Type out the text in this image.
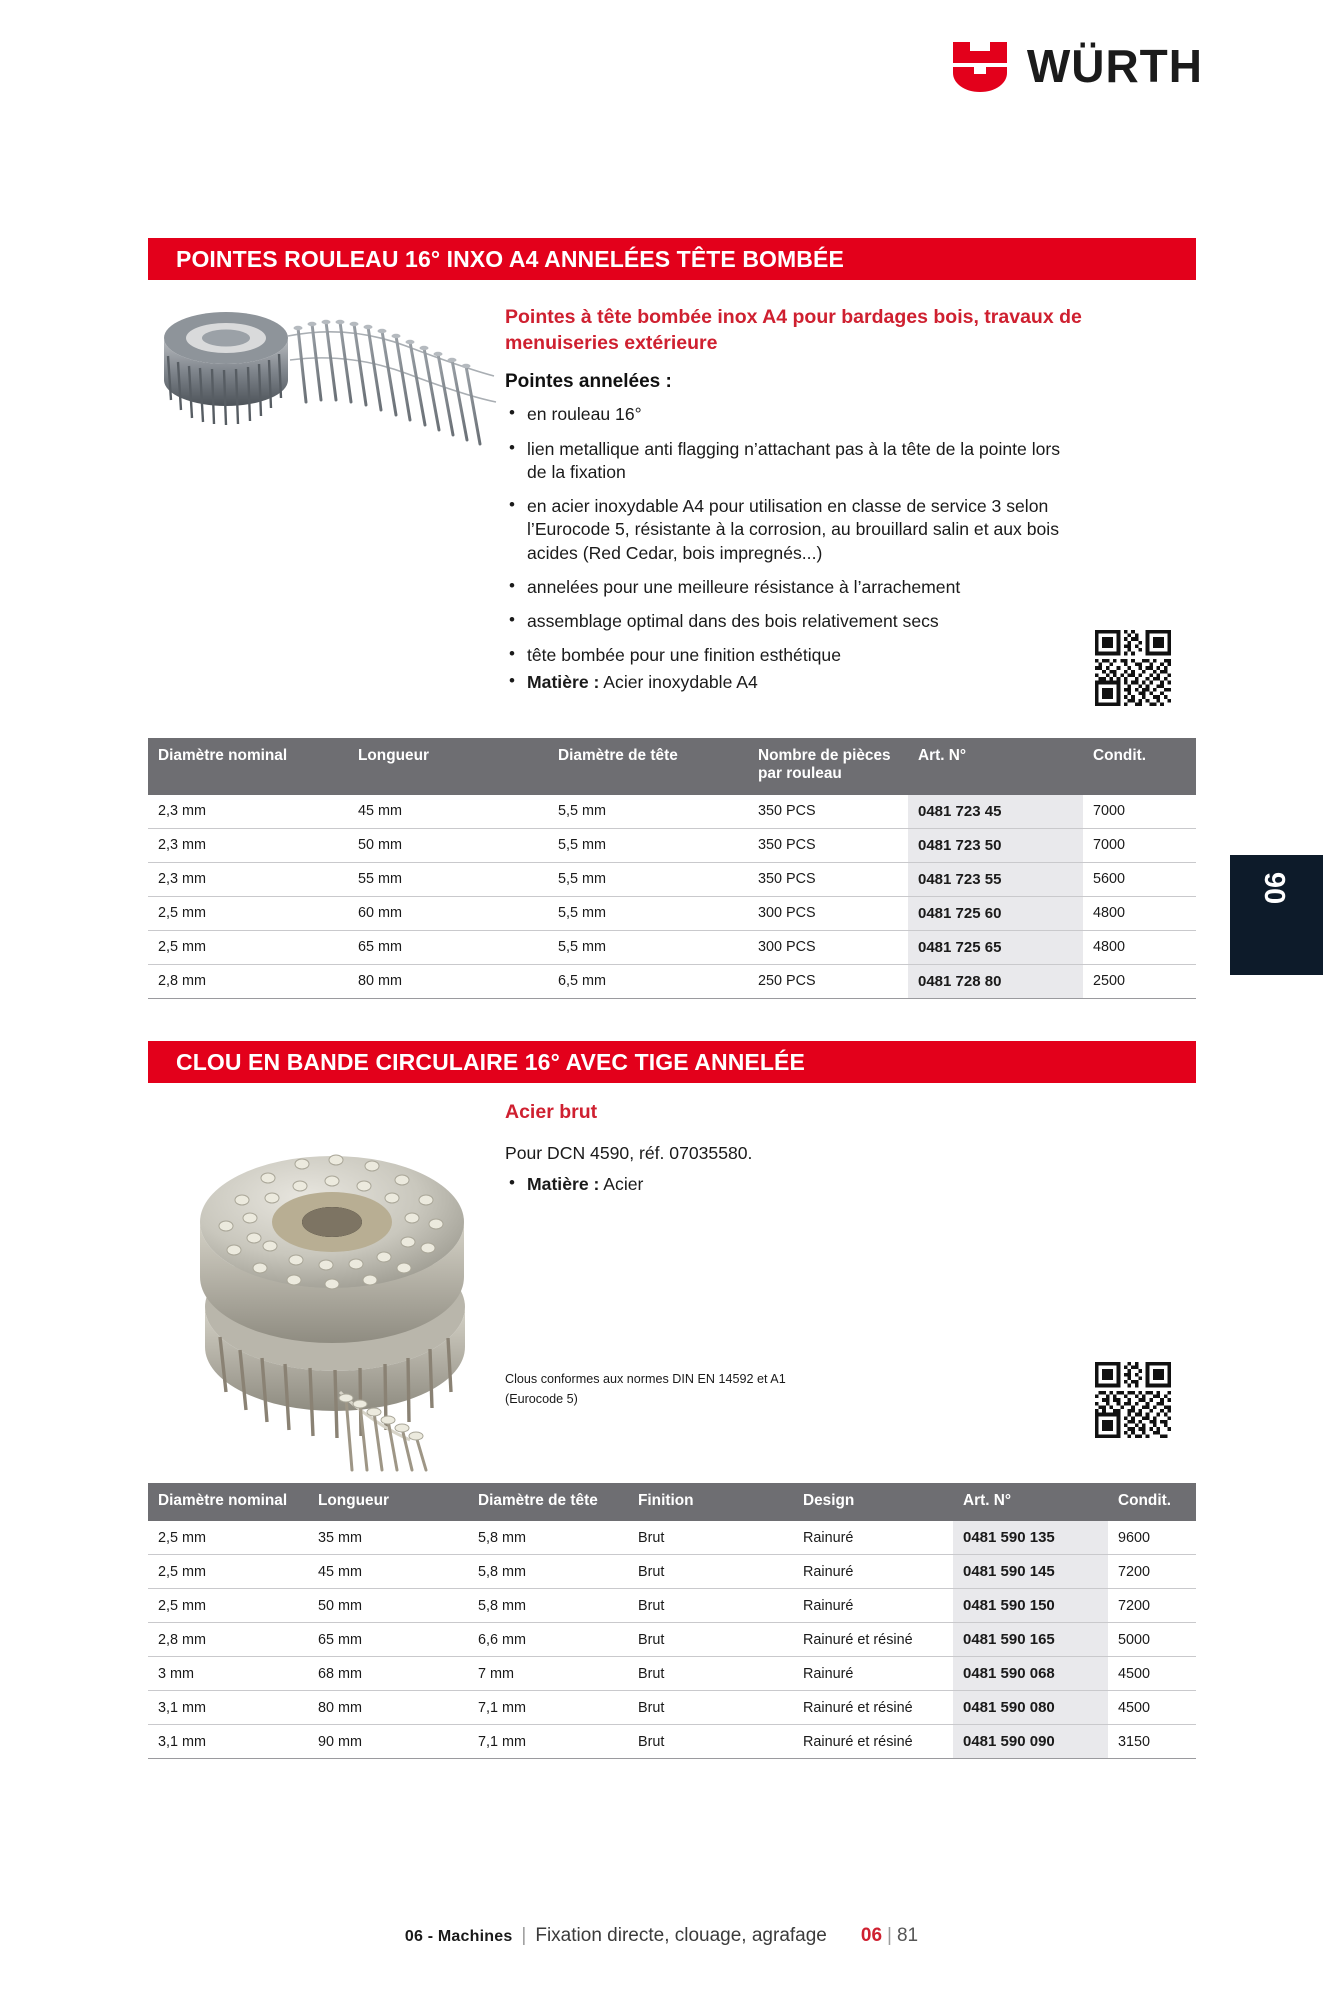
WÜRTH
POINTES ROULEAU 16° INXO A4 ANNELÉES TÊTE BOMBÉE
Pointes à tête bombée inox A4 pour bardages bois, travaux de menuiseries extérieure
Pointes annelées :
• en rouleau 16°
• lien metallique anti flagging n’attachant pas à la tête de la pointe lors de la fixation
• en acier inoxydable A4 pour utilisation en classe de service 3 selon l’Eurocode 5, résistante à la corrosion, au brouillard salin et aux bois acides (Red Cedar, bois impregnés...)
• annelées pour une meilleure résistance à l’arrachement
• assemblage optimal dans des bois relativement secs
• tête bombée pour une finition esthétique
• Matière : Acier inoxydable A4
Diamètre nominal	Longueur	Diamètre de tête	Nombre de pièces par rouleau	Art. N°	Condit.
2,3 mm	45 mm	5,5 mm	350 PCS	0481 723 45	7000
2,3 mm	50 mm	5,5 mm	350 PCS	0481 723 50	7000
2,3 mm	55 mm	5,5 mm	350 PCS	0481 723 55	5600
2,5 mm	60 mm	5,5 mm	300 PCS	0481 725 60	4800
2,5 mm	65 mm	5,5 mm	300 PCS	0481 725 65	4800
2,8 mm	80 mm	6,5 mm	250 PCS	0481 728 80	2500
06
CLOU EN BANDE CIRCULAIRE 16° AVEC TIGE ANNELÉE
Acier brut
Pour DCN 4590, réf. 07035580.
• Matière : Acier
Clous conformes aux normes DIN EN 14592 et A1
(Eurocode 5)
Diamètre nominal	Longueur	Diamètre de tête	Finition	Design	Art. N°	Condit.
2,5 mm	35 mm	5,8 mm	Brut	Rainuré	0481 590 135	9600
2,5 mm	45 mm	5,8 mm	Brut	Rainuré	0481 590 145	7200
2,5 mm	50 mm	5,8 mm	Brut	Rainuré	0481 590 150	7200
2,8 mm	65 mm	6,6 mm	Brut	Rainuré et résiné	0481 590 165	5000
3 mm	68 mm	7 mm	Brut	Rainuré	0481 590 068	4500
3,1 mm	80 mm	7,1 mm	Brut	Rainuré et résiné	0481 590 080	4500
3,1 mm	90 mm	7,1 mm	Brut	Rainuré et résiné	0481 590 090	3150
06 - Machines | Fixation directe, clouage, agrafage 06 | 81
